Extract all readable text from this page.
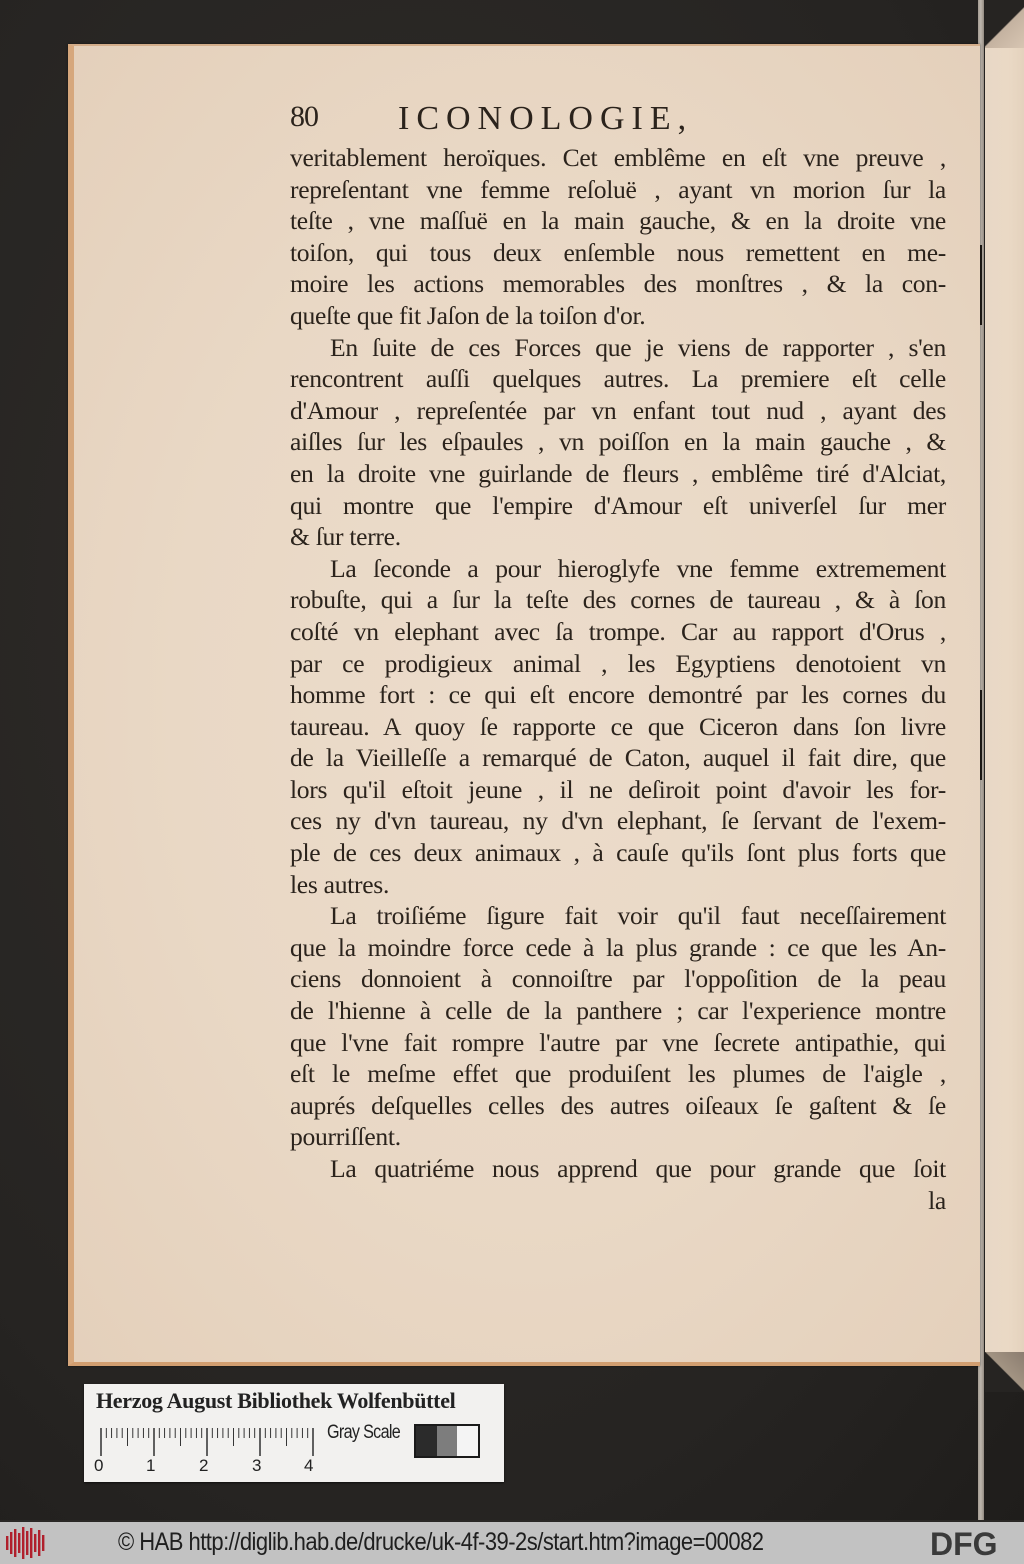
80 ICONOLOGIE,
veritablement heroïques. Cet emblême en eſt vne preuve ,
repreſentant vne femme reſoluë , ayant vn morion ſur la
teſte , vne maſſuë en la main gauche, & en la droite vne
toiſon, qui tous deux enſemble nous remettent en me-
moire les actions memorables des monſtres , & la con-
queſte que fit Jaſon de la toiſon d'or.
En ſuite de ces Forces que je viens de rapporter , s'en
rencontrent auſſi quelques autres. La premiere eſt celle
d'Amour , repreſentée par vn enfant tout nud , ayant des
aiſles ſur les eſpaules , vn poiſſon en la main gauche , &
en la droite vne guirlande de fleurs , emblême tiré d'Alciat,
qui montre que l'empire d'Amour eſt univerſel ſur mer
& ſur terre.
La ſeconde a pour hieroglyfe vne femme extremement
robuſte, qui a ſur la teſte des cornes de taureau , & à ſon
coſté vn elephant avec ſa trompe. Car au rapport d'Orus ,
par ce prodigieux animal , les Egyptiens denotoient vn
homme fort : ce qui eſt encore demontré par les cornes du
taureau. A quoy ſe rapporte ce que Ciceron dans ſon livre
de la Vieilleſſe a remarqué de Caton, auquel il fait dire, que
lors qu'il eſtoit jeune , il ne deſiroit point d'avoir les for-
ces ny d'vn taureau, ny d'vn elephant, ſe ſervant de l'exem-
ple de ces deux animaux , à cauſe qu'ils ſont plus forts que
les autres.
La troiſiéme ſigure fait voir qu'il faut neceſſairement
que la moindre force cede à la plus grande : ce que les An-
ciens donnoient à connoiſtre par l'oppoſition de la peau
de l'hienne à celle de la panthere ; car l'experience montre
que l'vne fait rompre l'autre par vne ſecrete antipathie, qui
eſt le meſme effet que produiſent les plumes de l'aigle ,
auprés deſquelles celles des autres oiſeaux ſe gaſtent & ſe
pourriſſent.
La quatriéme nous apprend que pour grande que ſoit
la
Herzog August Bibliothek Wolfenbüttel
0	1	2	3	4
Gray Scale
© HAB http://diglib.hab.de/drucke/uk-4f-39-2s/start.htm?image=00082	DFG
